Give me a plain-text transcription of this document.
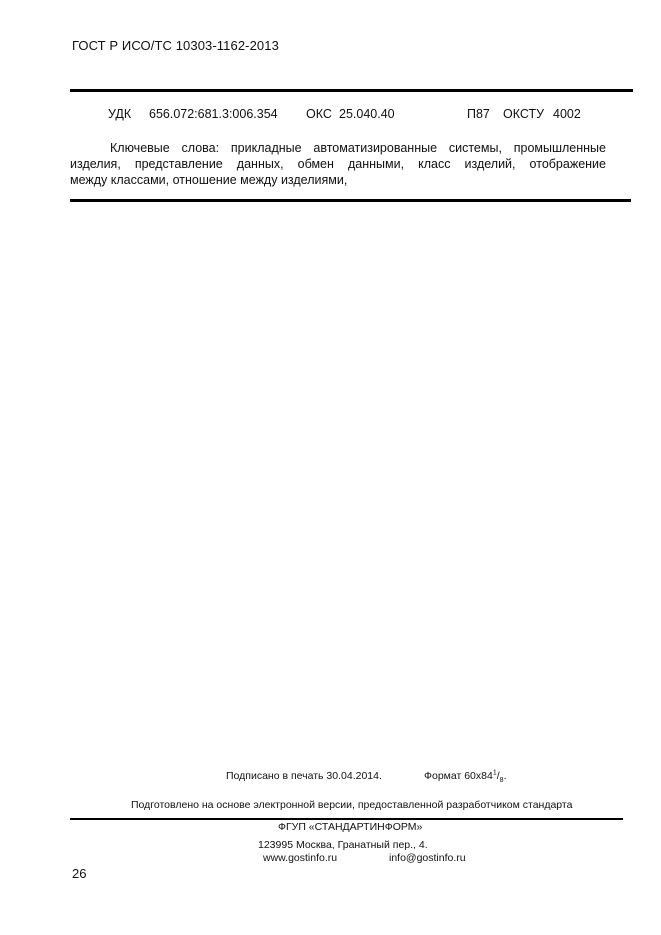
ГОСТ Р ИСО/ТС 10303-1162-2013
УДК 656.072:681.3:006.354 ОКС 25.040.40	П87 ОКСТУ 4002

Ключевые слова: прикладные автоматизированные системы, промышленные

изделия, представление данных, обмен данными, класс изделий, отображение

между классами, отношение между изделиями,

Подписано в печать 30.04.2014.	Формат $60x84^1/_8$.
Подготовлено на основе электронной версии, предоставленной разработчиком стандарта
ФГУП «СТАНДАРТИНФОРМ»
123995 Москва, Гранатный пер., 4.
www.gostinfo.ru	info@gostinfo.ru
26
